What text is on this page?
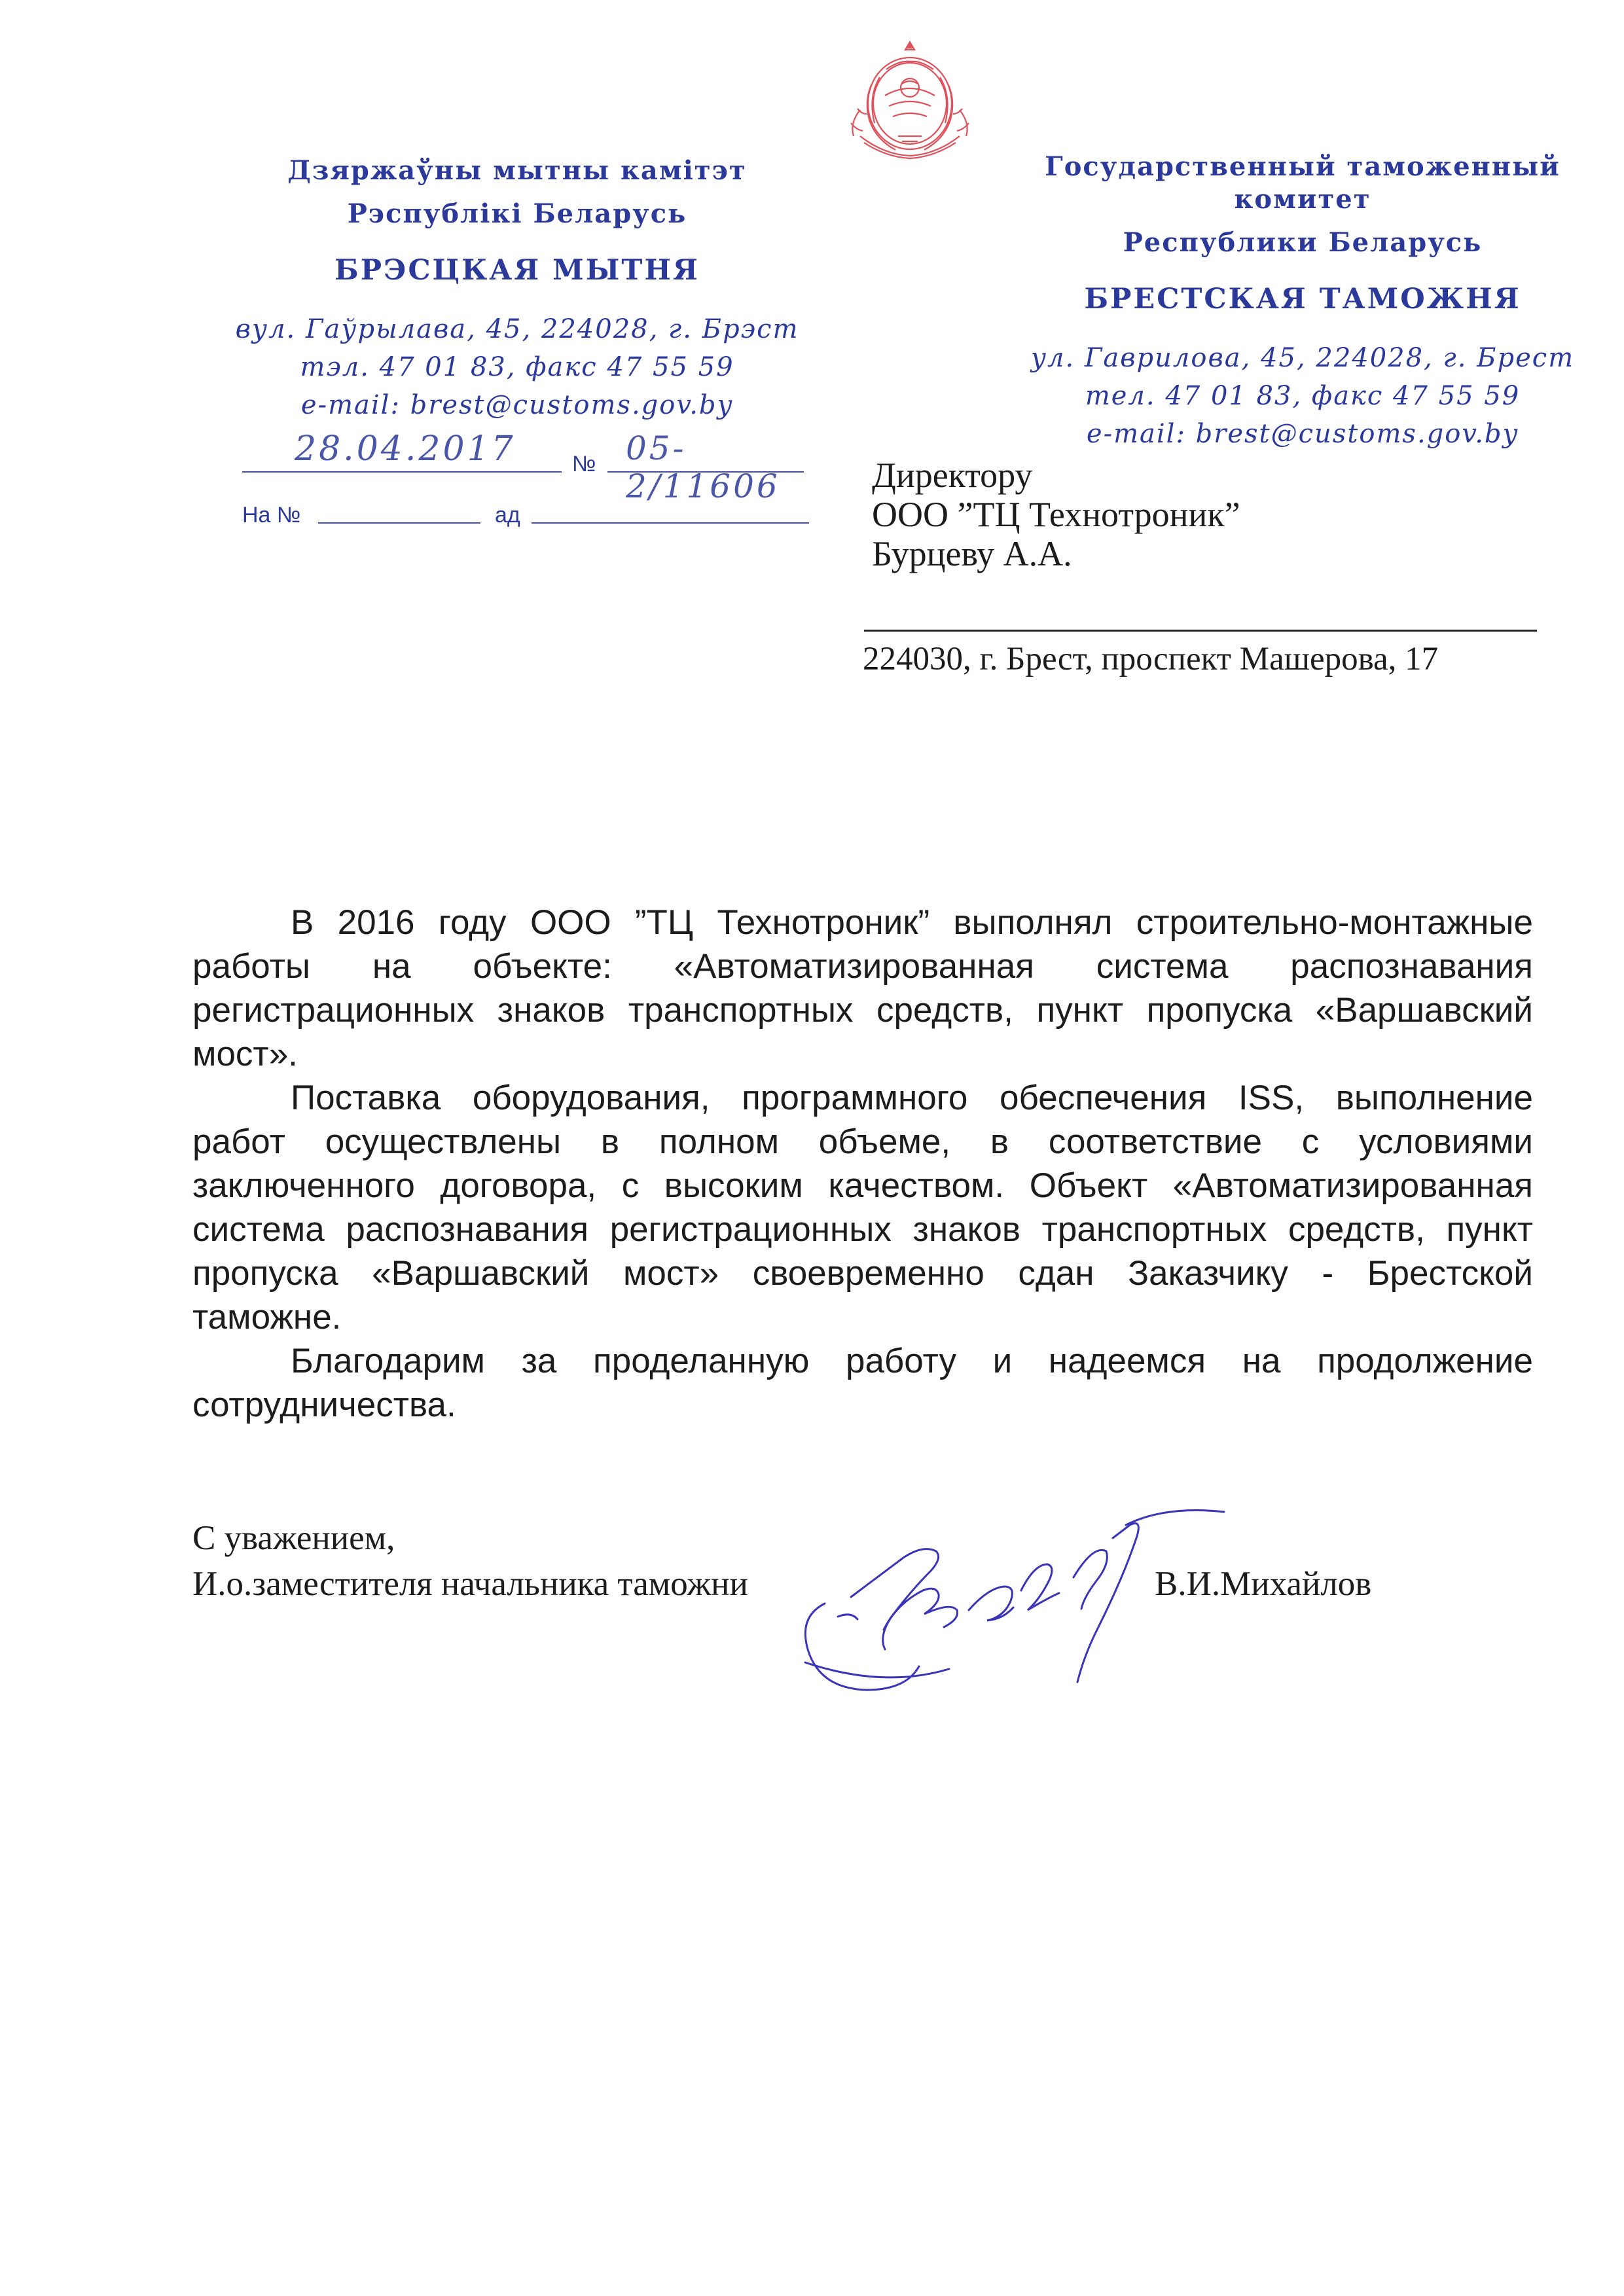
Дзяржаўны мытны камітэт

Рэспублікі Беларусь

БРЭСЦКАЯ МЫТНЯ

вул. Гаўрылава, 45, 224028, г. Брэст

тэл. 47 01 83, факс 47 55 59

e-mail: brest@customs.gov.by

Государственный таможенный комитет

Республики Беларусь

БРЕСТСКАЯ ТАМОЖНЯ

ул. Гаврилова, 45, 224028, г. Брест

тел. 47 01 83, факс 47 55 59

e-mail: brest@customs.gov.by

28.04.2017	№ 05-2/11606
На №	ад

Директору

ООО ”ТЦ Технотроник”

Бурцеву А.А.

224030, г. Брест, проспект Машерова, 17

В 2016 году ООО ”ТЦ Технотроник” выполнял строительно-монтажные работы на объекте: «Автоматизированная система распознавания регистрационных знаков транспортных средств, пункт пропуска «Варшавский мост».

Поставка оборудования, программного обеспечения ISS, выполнение работ осуществлены в полном объеме, в соответствие с условиями заключенного договора, с высоким качеством. Объект «Автоматизированная система распознавания регистрационных знаков транспортных средств, пункт пропуска «Варшавский мост» своевременно сдан Заказчику - Брестской таможне.

Благодарим за проделанную работу и надеемся на продолжение сотрудничества.

С уважением,
И.о.заместителя начальника таможни	В.И.Михайлов
